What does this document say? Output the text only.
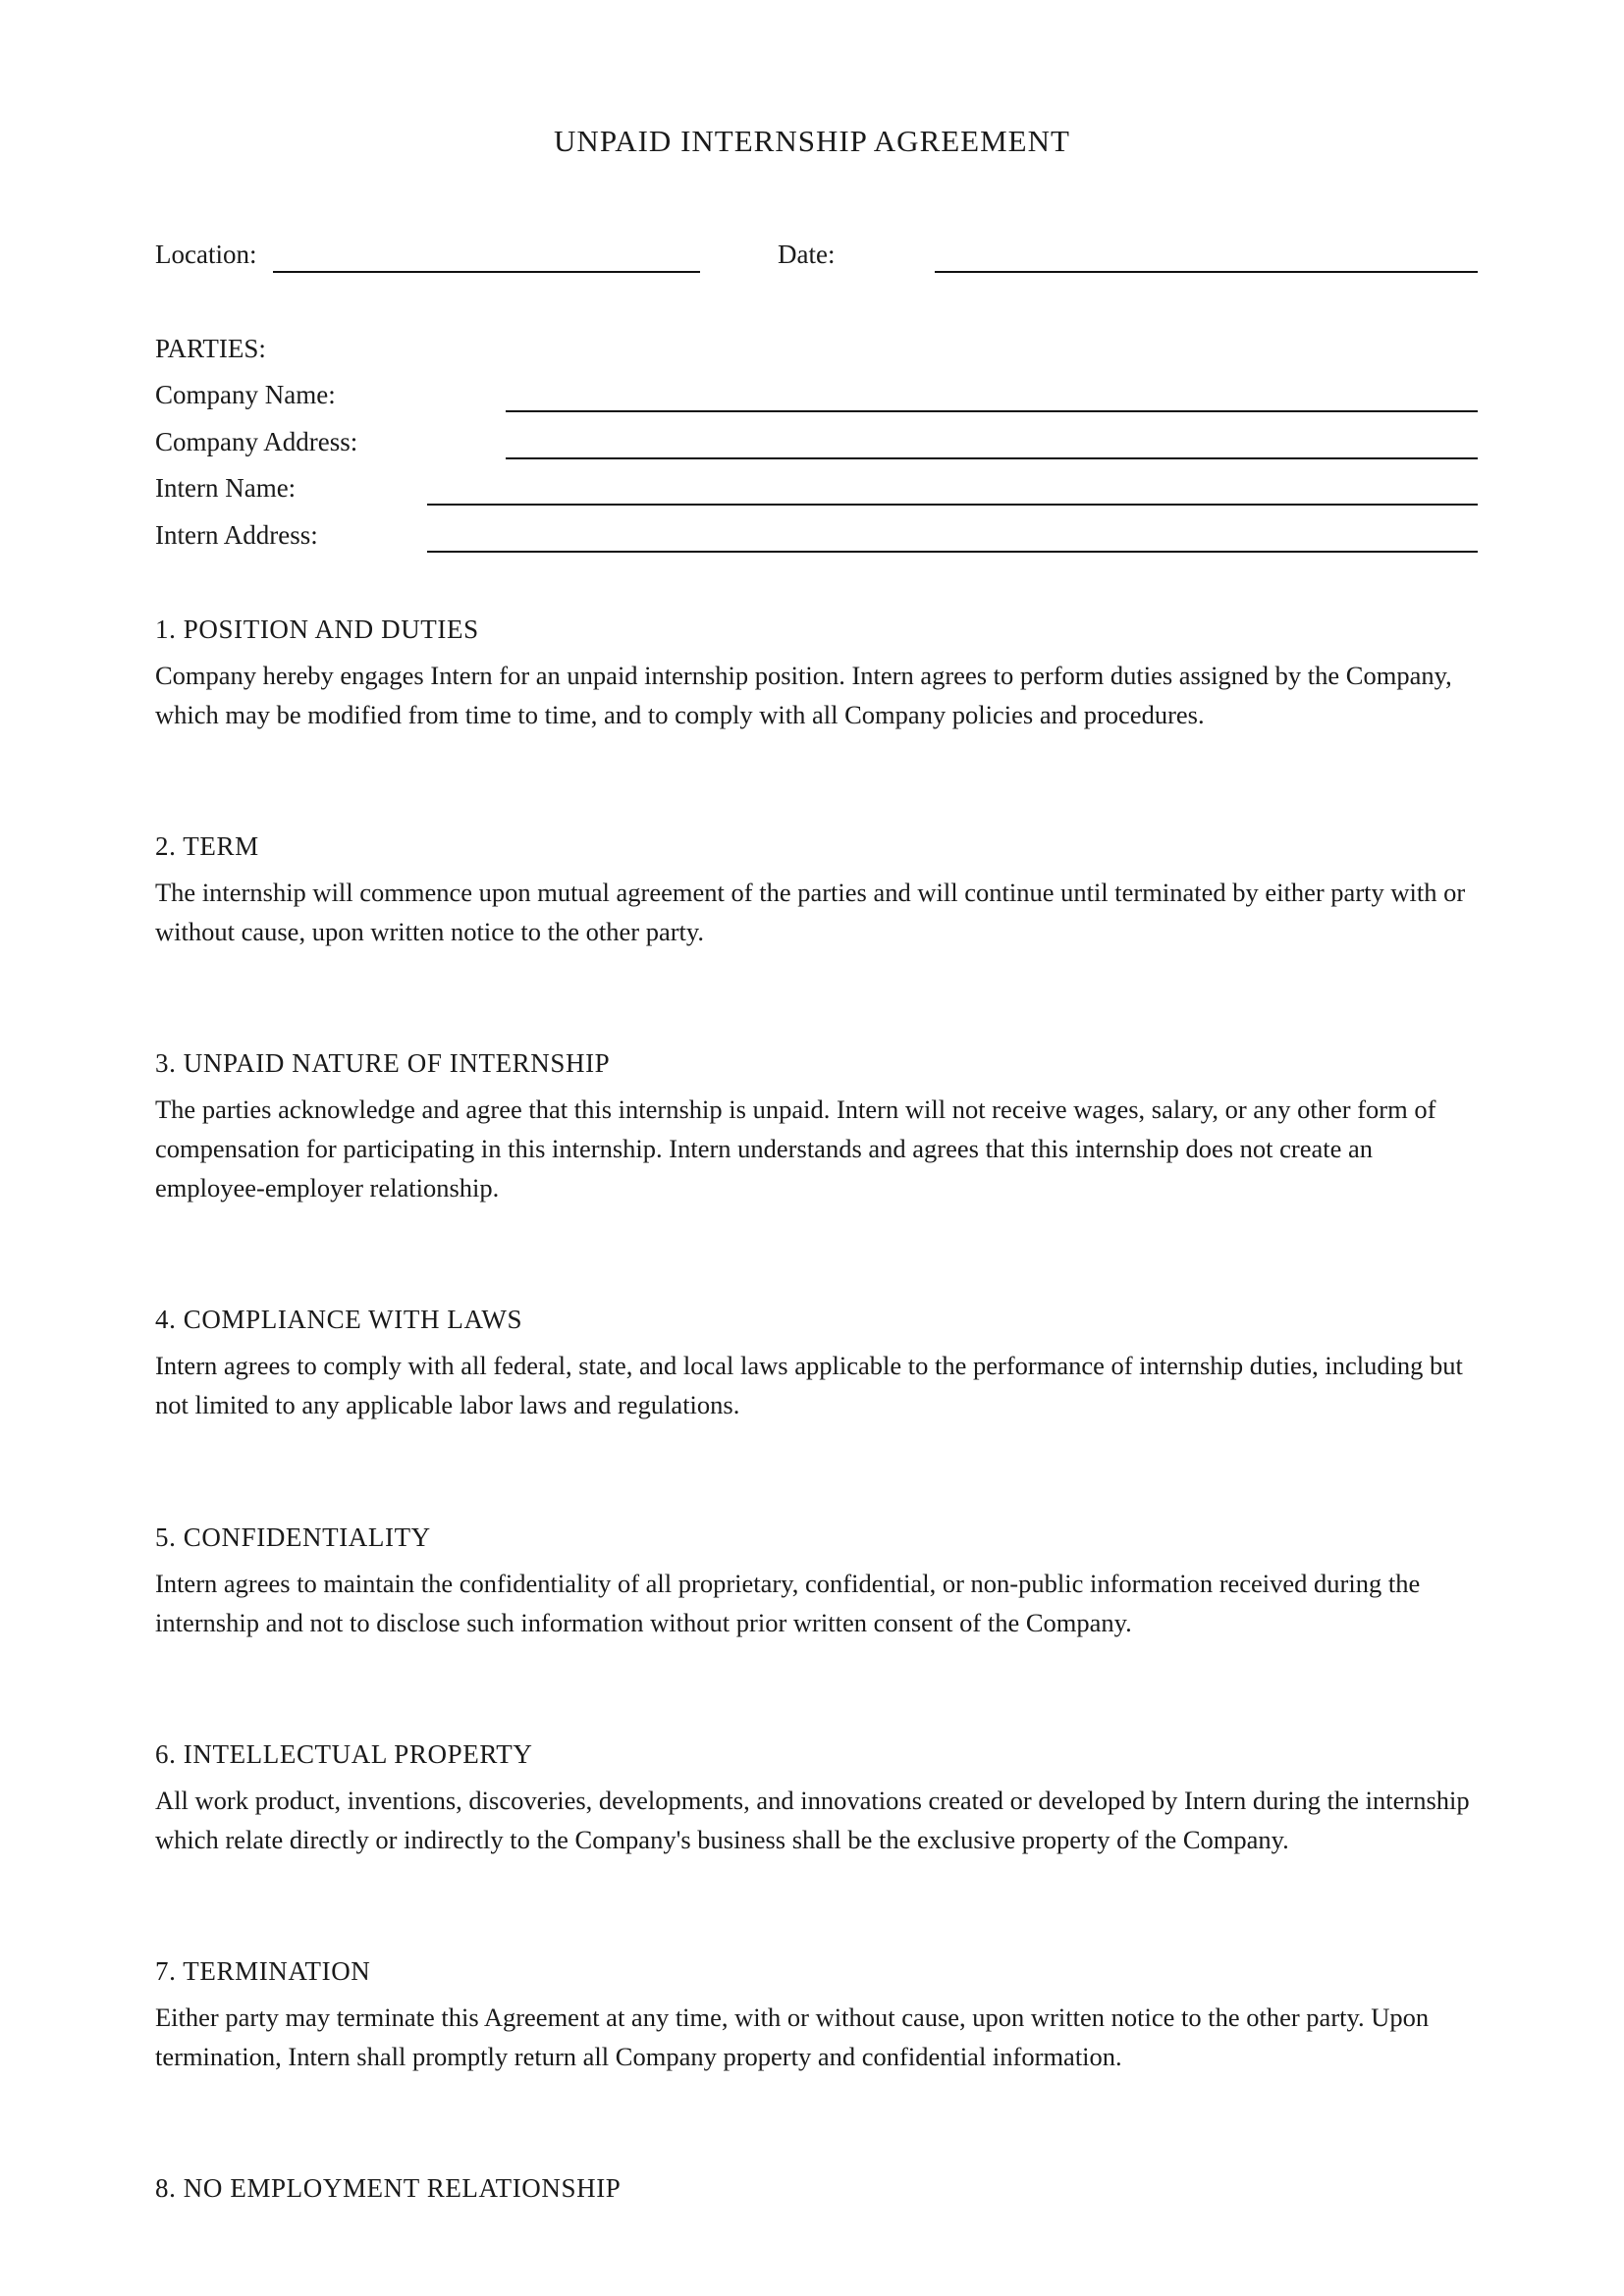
UNPAID INTERNSHIP AGREEMENT
Location:	Date:
PARTIES:
Company Name:
Company Address:
Intern Name:
Intern Address:
1. POSITION AND DUTIES
Company hereby engages Intern for an unpaid internship position. Intern agrees to perform duties assigned by the Company, which may be modified from time to time, and to comply with all Company policies and procedures.
2. TERM
The internship will commence upon mutual agreement of the parties and will continue until terminated by either party with or without cause, upon written notice to the other party.
3. UNPAID NATURE OF INTERNSHIP
The parties acknowledge and agree that this internship is unpaid. Intern will not receive wages, salary, or any other form of compensation for participating in this internship. Intern understands and agrees that this internship does not create an employee-employer relationship.
4. COMPLIANCE WITH LAWS
Intern agrees to comply with all federal, state, and local laws applicable to the performance of internship duties, including but not limited to any applicable labor laws and regulations.
5. CONFIDENTIALITY
Intern agrees to maintain the confidentiality of all proprietary, confidential, or non-public information received during the internship and not to disclose such information without prior written consent of the Company.
6. INTELLECTUAL PROPERTY
All work product, inventions, discoveries, developments, and innovations created or developed by Intern during the internship which relate directly or indirectly to the Company's business shall be the exclusive property of the Company.
7. TERMINATION
Either party may terminate this Agreement at any time, with or without cause, upon written notice to the other party. Upon termination, Intern shall promptly return all Company property and confidential information.
8. NO EMPLOYMENT RELATIONSHIP
